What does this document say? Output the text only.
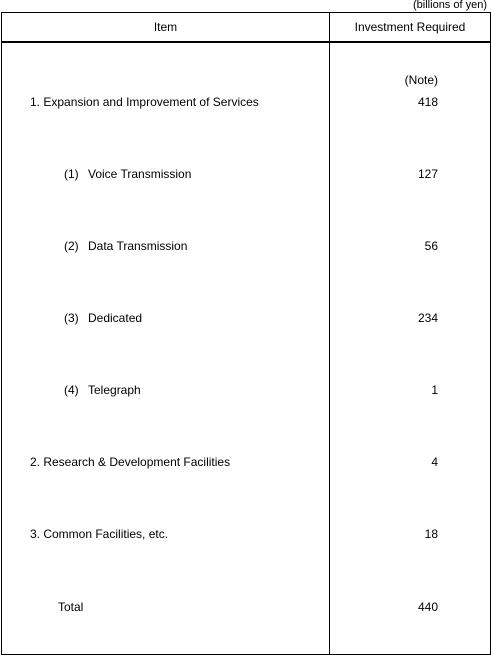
(billions of yen)
Item	Investment Required
(Note)
1. Expansion and Improvement of Services	418
(1) Voice Transmission	127
(2) Data Transmission	56
(3) Dedicated	234
(4) Telegraph	1
2. Research & Development Facilities	4
3. Common Facilities, etc.	18
Total	440
